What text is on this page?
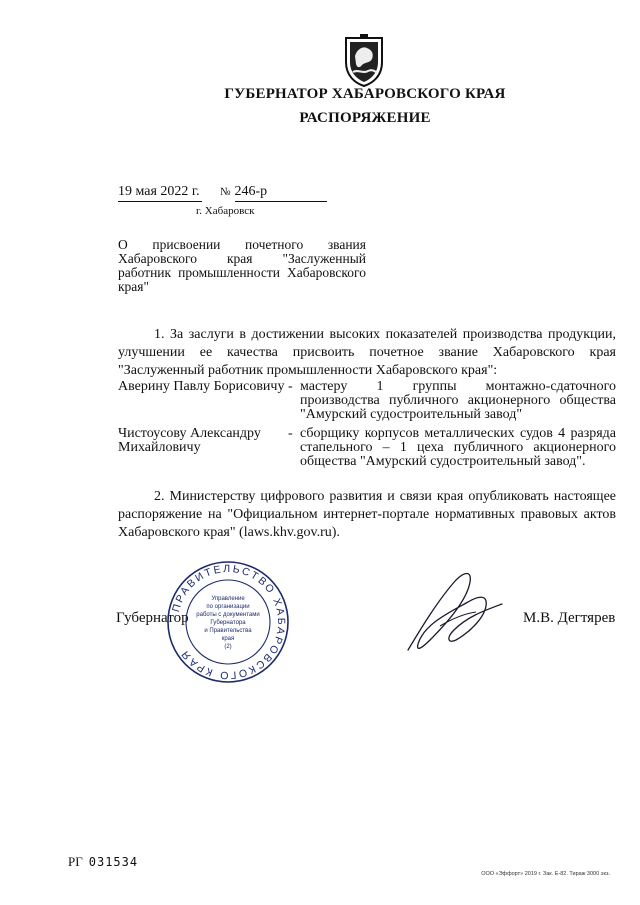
ГУБЕРНАТОР ХАБАРОВСКОГО КРАЯ
РАСПОРЯЖЕНИЕ
19 мая 2022 г. № 246-р
г. Хабаровск
О присвоении почетного звания Хабаровского края "Заслуженный работник промышленности Хабаровского края"
1. За заслуги в достижении высоких показателей производства продукции, улучшении ее качества присвоить почетное звание Хабаровского края "Заслуженный работник промышленности Хабаровского края":
Аверину Павлу Борисовичу - мастеру 1 группы монтажно-сдаточного производства публичного акционерного общества "Амурский судостроительный завод"
Чистоусову Александру Михайловичу
- сборщику корпусов металлических судов 4 разряда стапельного – 1 цеха публичного акционерного общества "Амурский судостроительный завод".
2. Министерству цифрового развития и связи края опубликовать настоящее распоряжение на "Официальном интернет-портале нормативных правовых актов Хабаровского края" (laws.khv.gov.ru).
Губернатор
ПРАВИТЕЛЬСТВО ХАБАРОВСКОГО КРАЯ
Управление
по организации
работы с документами
Губернатора
и Правительства
края
(2)
М.В. Дегтярев
РГ 031534
ООО «Эффорт» 2019 г. Зак. Е-82. Тираж 3000 экз.
